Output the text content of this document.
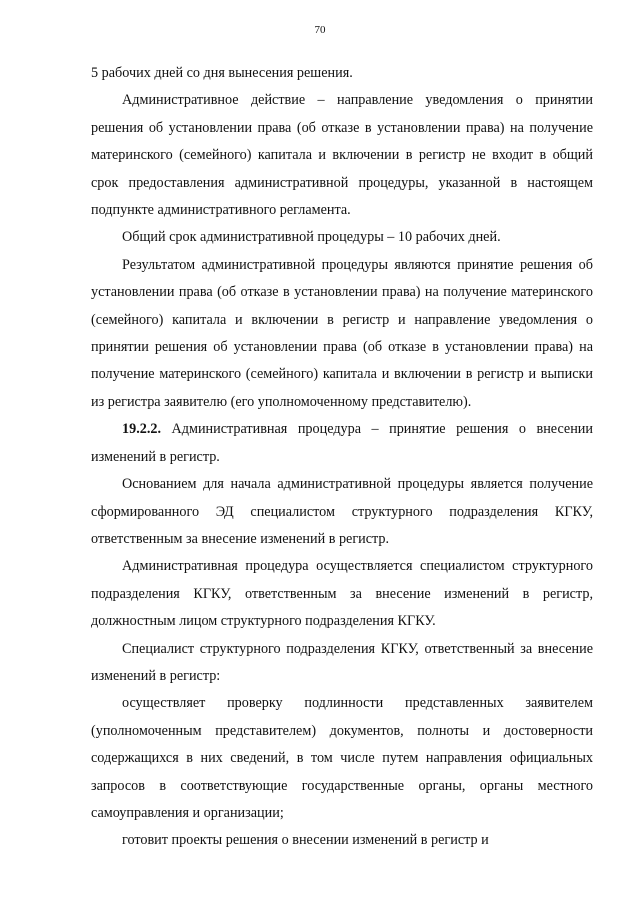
70

5 рабочих дней со дня вынесения решения.

Административное действие – направление уведомления о принятии решения об установлении права (об отказе в установлении права) на получение материнского (семейного) капитала и включении в регистр не входит в общий срок предоставления административной процедуры, указанной в настоящем подпункте административного регламента.

Общий срок административной процедуры – 10 рабочих дней.

Результатом административной процедуры являются принятие решения об установлении права (об отказе в установлении права) на получение материнского (семейного) капитала и включении в регистр и направление уведомления о принятии решения об установлении права (об отказе в установлении права) на получение материнского (семейного) капитала и включении в регистр и выписки из регистра заявителю (его уполномоченному представителю).

19.2.2. Административная процедура – принятие решения о внесении изменений в регистр.

Основанием для начала административной процедуры является получение сформированного ЭД специалистом структурного подразделения КГКУ, ответственным за внесение изменений в регистр.

Административная процедура осуществляется специалистом структурного подразделения КГКУ, ответственным за внесение изменений в регистр, должностным лицом структурного подразделения КГКУ.

Специалист структурного подразделения КГКУ, ответственный за внесение изменений в регистр:

осуществляет проверку подлинности представленных заявителем (уполномоченным представителем) документов, полноты и достоверности содержащихся в них сведений, в том числе путем направления официальных запросов в соответствующие государственные органы, органы местного самоуправления и организации;

готовит проекты решения о внесении изменений в регистр и
